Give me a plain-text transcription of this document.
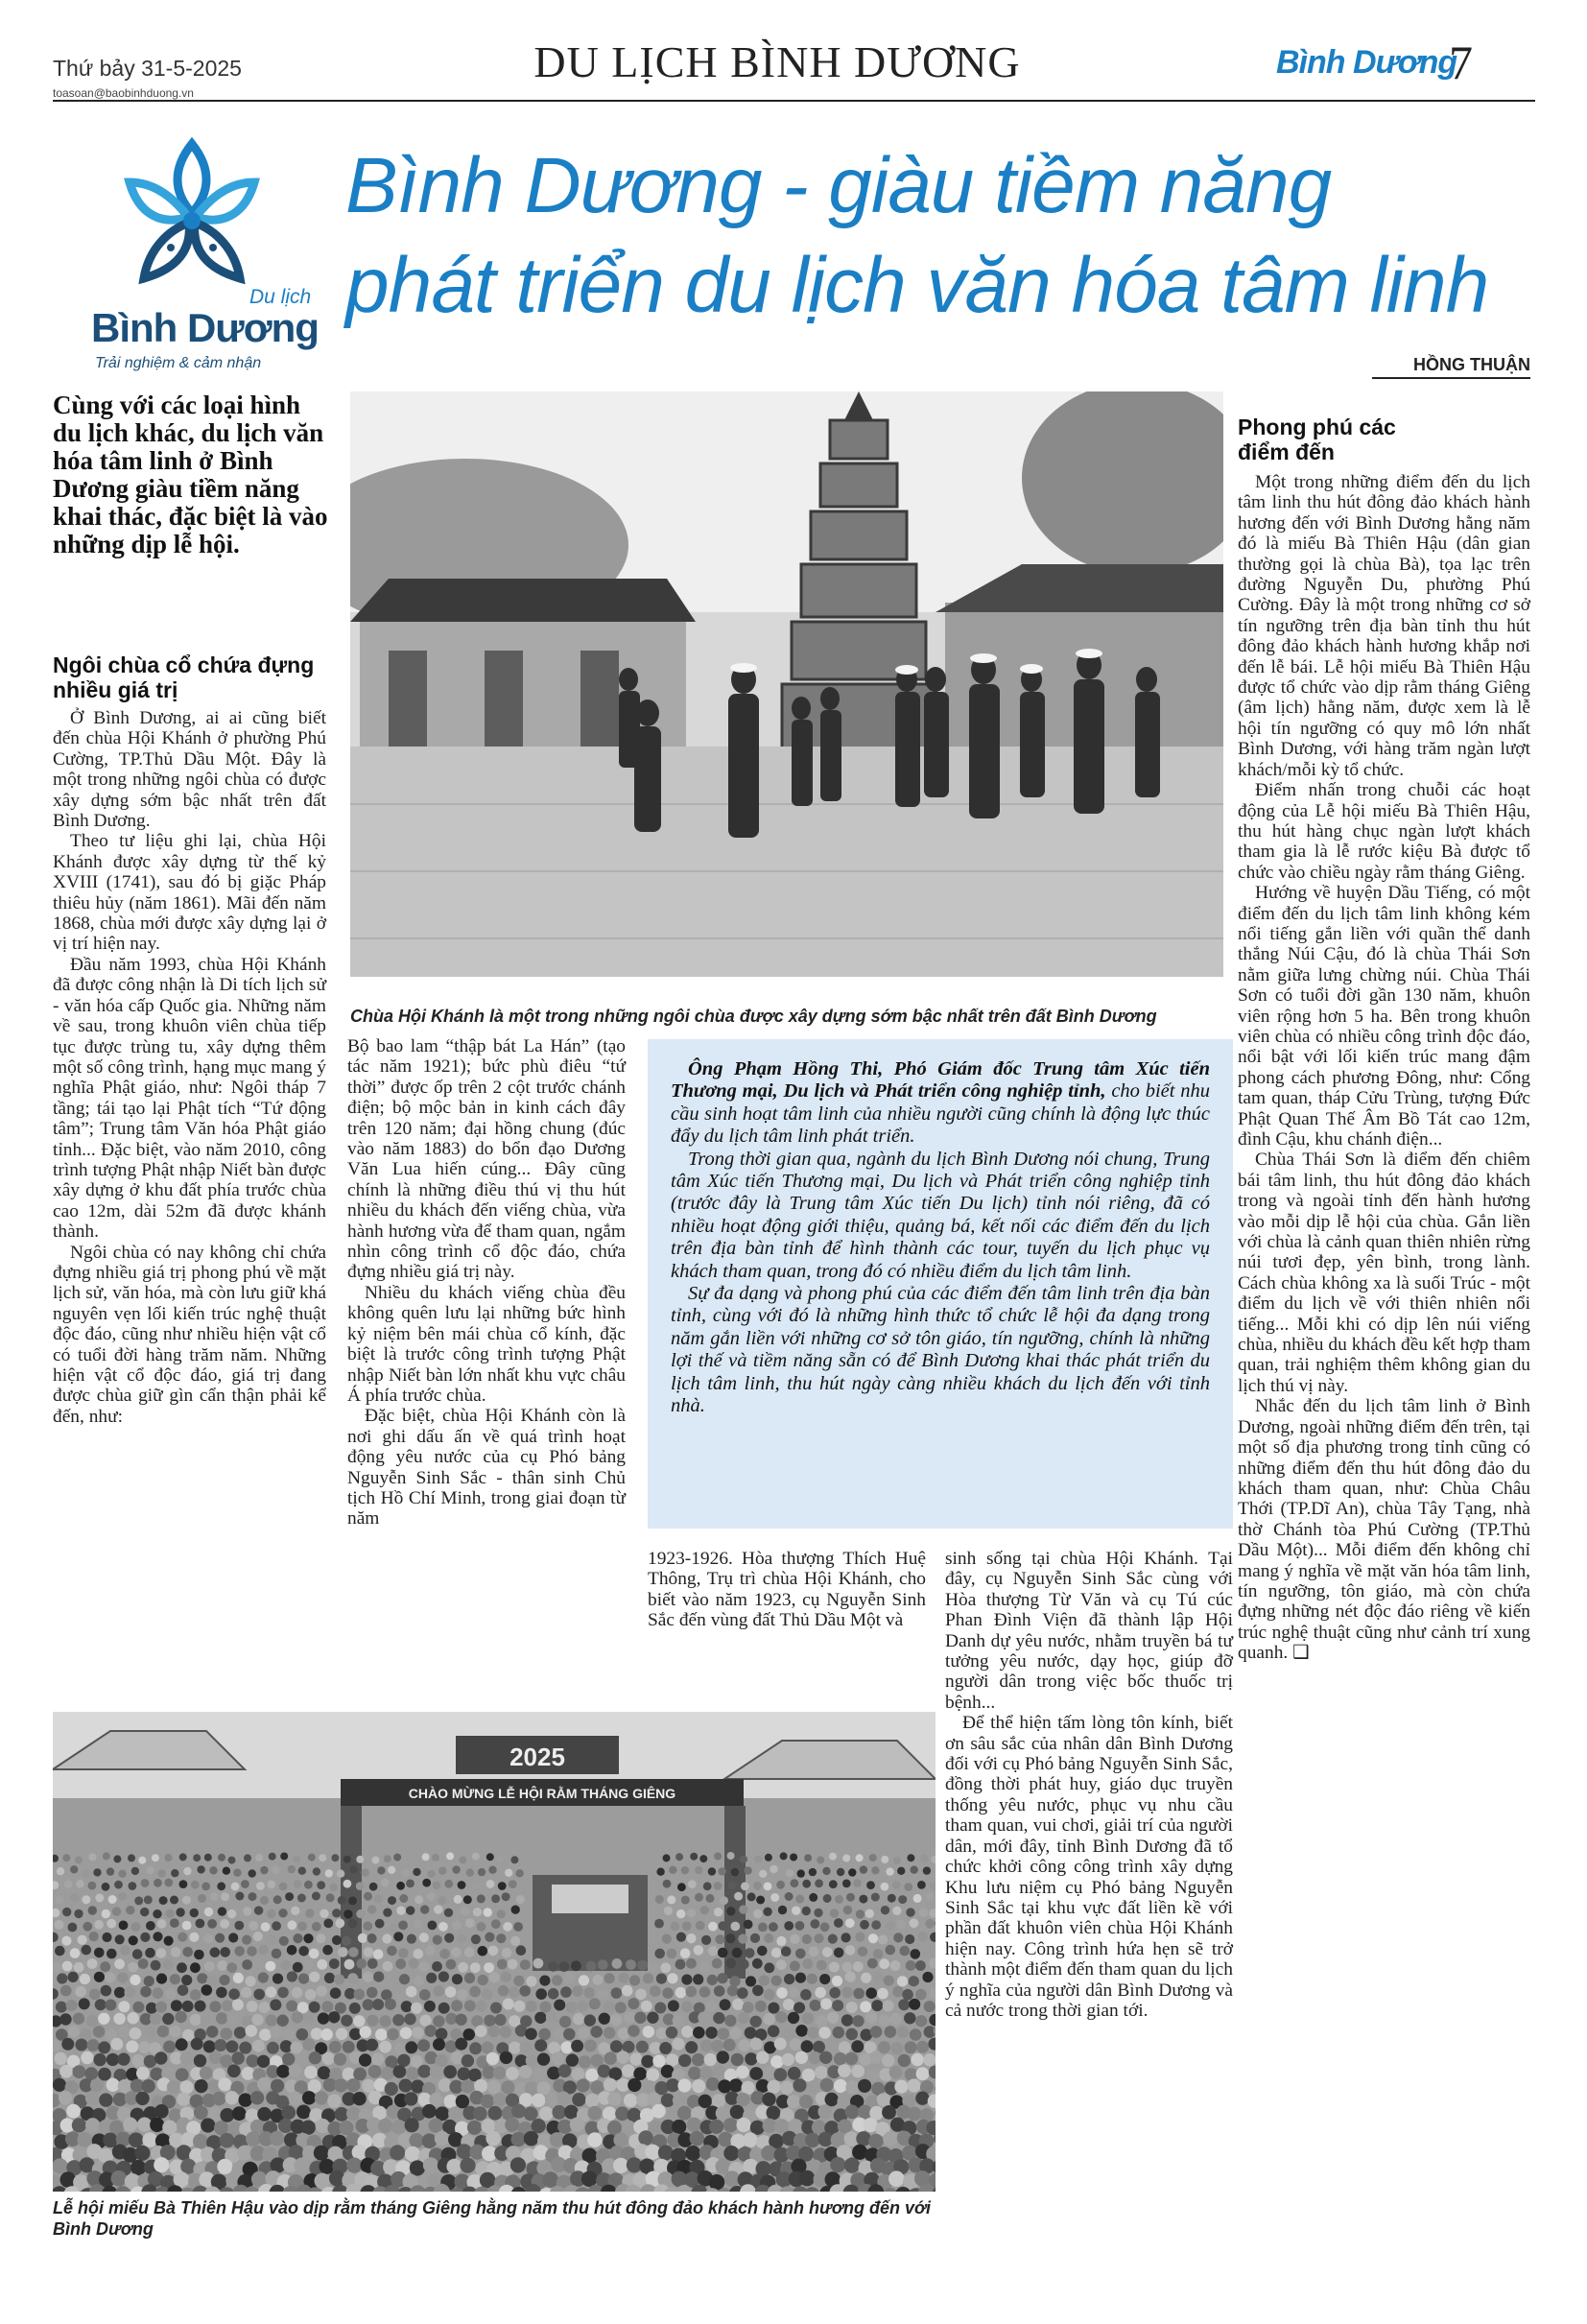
Thứ bảy 31-5-2025
toasoan@baobinhduong.vn
DU LỊCH BÌNH DƯƠNG	Bình Dương
7
Du lịch
Bình Dương
Trải nghiệm & cảm nhận
Bình Dương - giàu tiềm năng
phát triển du lịch văn hóa tâm linh
HỒNG THUẬN
Cùng với các loại hình du lịch khác, du lịch văn hóa tâm linh ở Bình Dương giàu tiềm năng khai thác, đặc biệt là vào những dịp lễ hội.
Chùa Hội Khánh là một trong những ngôi chùa được xây dựng sớm bậc nhất trên đất Bình Dương
Ngôi chùa cổ chứa đựng nhiều giá trị

Ở Bình Dương, ai ai cũng biết đến chùa Hội Khánh ở phường Phú Cường, TP.Thủ Dầu Một. Đây là một trong những ngôi chùa có được xây dựng sớm bậc nhất trên đất Bình Dương.

Theo tư liệu ghi lại, chùa Hội Khánh được xây dựng từ thế kỷ XVIII (1741), sau đó bị giặc Pháp thiêu hủy (năm 1861). Mãi đến năm 1868, chùa mới được xây dựng lại ở vị trí hiện nay.

Đầu năm 1993, chùa Hội Khánh đã được công nhận là Di tích lịch sử - văn hóa cấp Quốc gia. Những năm về sau, trong khuôn viên chùa tiếp tục được trùng tu, xây dựng thêm một số công trình, hạng mục mang ý nghĩa Phật giáo, như: Ngôi tháp 7 tầng; tái tạo lại Phật tích “Tứ động tâm”; Trung tâm Văn hóa Phật giáo tỉnh... Đặc biệt, vào năm 2010, công trình tượng Phật nhập Niết bàn được xây dựng ở khu đất phía trước chùa cao 12m, dài 52m đã được khánh thành.

Ngôi chùa có nay không chỉ chứa đựng nhiều giá trị phong phú về mặt lịch sử, văn hóa, mà còn lưu giữ khá nguyên vẹn lối kiến trúc nghệ thuật độc đáo, cũng như nhiều hiện vật cổ có tuổi đời hàng trăm năm. Những hiện vật cổ độc đáo, giá trị đang được chùa giữ gìn cẩn thận phải kể đến, như:

Bộ bao lam “thập bát La Hán” (tạo tác năm 1921); bức phù điêu “tứ thời” được ốp trên 2 cột trước chánh điện; bộ mộc bản in kinh cách đây trên 120 năm; đại hồng chung (đúc vào năm 1883) do bổn đạo Dương Văn Lua hiến cúng... Đây cũng chính là những điều thú vị thu hút nhiều du khách đến viếng chùa, vừa hành hương vừa để tham quan, ngắm nhìn công trình cổ độc đáo, chứa đựng nhiều giá trị này.

Nhiều du khách viếng chùa đều không quên lưu lại những bức hình kỷ niệm bên mái chùa cổ kính, đặc biệt là trước công trình tượng Phật nhập Niết bàn lớn nhất khu vực châu Á phía trước chùa.

Đặc biệt, chùa Hội Khánh còn là nơi ghi dấu ấn về quá trình hoạt động yêu nước của cụ Phó bảng Nguyễn Sinh Sắc - thân sinh Chủ tịch Hồ Chí Minh, trong giai đoạn từ năm

Ông Phạm Hồng Thi, Phó Giám đốc Trung tâm Xúc tiến Thương mại, Du lịch và Phát triển công nghiệp tỉnh, cho biết nhu cầu sinh hoạt tâm linh của nhiều người cũng chính là động lực thúc đẩy du lịch tâm linh phát triển.

Trong thời gian qua, ngành du lịch Bình Dương nói chung, Trung tâm Xúc tiến Thương mại, Du lịch và Phát triển công nghiệp tỉnh (trước đây là Trung tâm Xúc tiến Du lịch) tỉnh nói riêng, đã có nhiều hoạt động giới thiệu, quảng bá, kết nối các điểm đến du lịch trên địa bàn tỉnh để hình thành các tour, tuyến du lịch phục vụ khách tham quan, trong đó có nhiều điểm du lịch tâm linh.

Sự đa dạng và phong phú của các điểm đến tâm linh trên địa bàn tỉnh, cùng với đó là những hình thức tổ chức lễ hội đa dạng trong năm gắn liền với những cơ sở tôn giáo, tín ngưỡng, chính là những lợi thế và tiềm năng sẵn có để Bình Dương khai thác phát triển du lịch tâm linh, thu hút ngày càng nhiều khách du lịch đến với tỉnh nhà.

1923-1926. Hòa thượng Thích Huệ Thông, Trụ trì chùa Hội Khánh, cho biết vào năm 1923, cụ Nguyễn Sinh Sắc đến vùng đất Thủ Dầu Một và

sinh sống tại chùa Hội Khánh. Tại đây, cụ Nguyễn Sinh Sắc cùng với Hòa thượng Từ Văn và cụ Tú cúc Phan Đình Viện đã thành lập Hội Danh dự yêu nước, nhằm truyền bá tư tưởng yêu nước, dạy học, giúp đỡ người dân trong việc bốc thuốc trị bệnh...

Để thể hiện tấm lòng tôn kính, biết ơn sâu sắc của nhân dân Bình Dương đối với cụ Phó bảng Nguyễn Sinh Sắc, đồng thời phát huy, giáo dục truyền thống yêu nước, phục vụ nhu cầu tham quan, vui chơi, giải trí của người dân, mới đây, tỉnh Bình Dương đã tổ chức khởi công công trình xây dựng Khu lưu niệm cụ Phó bảng Nguyễn Sinh Sắc tại khu vực đất liền kề với phần đất khuôn viên chùa Hội Khánh hiện nay. Công trình hứa hẹn sẽ trở thành một điểm đến tham quan du lịch ý nghĩa của người dân Bình Dương và cả nước trong thời gian tới.

Phong phú các điểm đến

Một trong những điểm đến du lịch tâm linh thu hút đông đảo khách hành hương đến với Bình Dương hằng năm đó là miếu Bà Thiên Hậu (dân gian thường gọi là chùa Bà), tọa lạc trên đường Nguyễn Du, phường Phú Cường. Đây là một trong những cơ sở tín ngưỡng trên địa bàn tỉnh thu hút đông đảo khách hành hương khắp nơi đến lễ bái. Lễ hội miếu Bà Thiên Hậu được tổ chức vào dịp rằm tháng Giêng (âm lịch) hằng năm, được xem là lễ hội tín ngưỡng có quy mô lớn nhất Bình Dương, với hàng trăm ngàn lượt khách/mỗi kỳ tổ chức.

Điểm nhấn trong chuỗi các hoạt động của Lễ hội miếu Bà Thiên Hậu, thu hút hàng chục ngàn lượt khách tham gia là lễ rước kiệu Bà được tổ chức vào chiều ngày rằm tháng Giêng.

Hướng về huyện Dầu Tiếng, có một điểm đến du lịch tâm linh không kém nổi tiếng gắn liền với quần thể danh thắng Núi Cậu, đó là chùa Thái Sơn nằm giữa lưng chừng núi. Chùa Thái Sơn có tuổi đời gần 130 năm, khuôn viên rộng hơn 5 ha. Bên trong khuôn viên chùa có nhiều công trình độc đáo, nổi bật với lối kiến trúc mang đậm phong cách phương Đông, như: Cổng tam quan, tháp Cửu Trùng, tượng Đức Phật Quan Thế Âm Bồ Tát cao 12m, đình Cậu, khu chánh điện...

Chùa Thái Sơn là điểm đến chiêm bái tâm linh, thu hút đông đảo khách trong và ngoài tỉnh đến hành hương vào mỗi dịp lễ hội của chùa. Gắn liền với chùa là cảnh quan thiên nhiên rừng núi tươi đẹp, yên bình, trong lành. Cách chùa không xa là suối Trúc - một điểm du lịch về với thiên nhiên nổi tiếng... Mỗi khi có dịp lên núi viếng chùa, nhiều du khách đều kết hợp tham quan, trải nghiệm thêm không gian du lịch thú vị này.

Nhắc đến du lịch tâm linh ở Bình Dương, ngoài những điểm đến trên, tại một số địa phương trong tỉnh cũng có những điểm đến thu hút đông đảo du khách tham quan, như: Chùa Châu Thới (TP.Dĩ An), chùa Tây Tạng, nhà thờ Chánh tòa Phú Cường (TP.Thủ Dầu Một)... Mỗi điểm đến không chỉ mang ý nghĩa về mặt văn hóa tâm linh, tín ngưỡng, tôn giáo, mà còn chứa đựng những nét độc đáo riêng về kiến trúc nghệ thuật cũng như cảnh trí xung quanh. ❑

2025
CHÀO MỪNG LỄ HỘI RẰM THÁNG GIÊNG
Lễ hội miếu Bà Thiên Hậu vào dịp rằm tháng Giêng hằng năm thu hút đông đảo khách hành hương đến với Bình Dương
